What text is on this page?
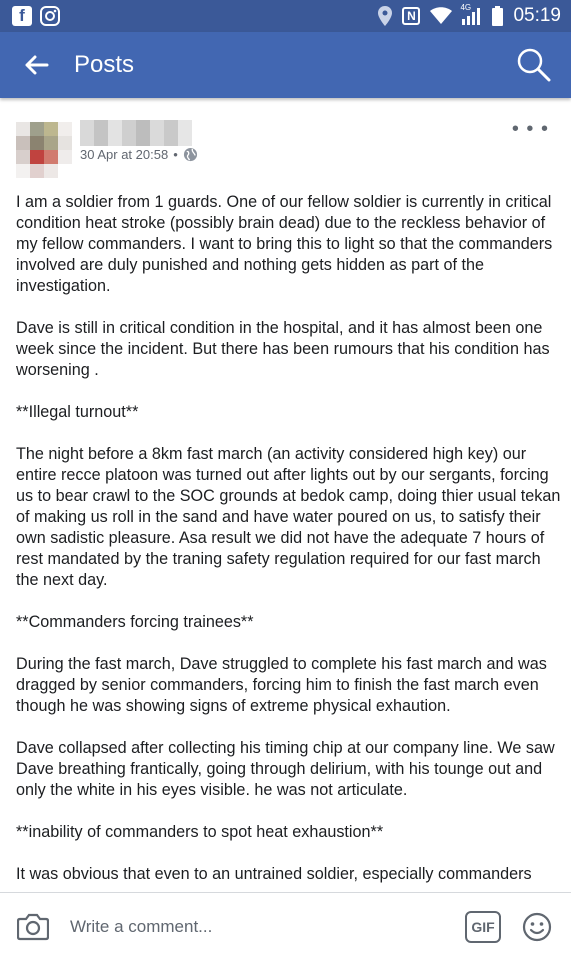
f	N
4G 05:19
Posts
30 Apr at 20:58 •
• • •

I am a soldier from 1 guards. One of our fellow soldier is currently in critical condition heat stroke (possibly brain dead) due to the reckless behavior of my fellow commanders. I want to bring this to light so that the commanders involved are duly punished and nothing gets hidden as part of the investigation.

Dave is still in critical condition in the hospital, and it has almost been one week since the incident. But there has been rumours that his condition has worsening .

**Illegal turnout**

The night before a 8km fast march (an activity considered high key) our entire recce platoon was turned out after lights out by our sergants, forcing us to bear crawl to the SOC grounds at bedok camp, doing thier usual tekan of making us roll in the sand and have water poured on us, to satisfy their own sadistic pleasure. Asa result we did not have the adequate 7 hours of rest mandated by the traning safety regulation required for our fast march the next day.

**Commanders forcing trainees**

During the fast march, Dave struggled to complete his fast march and was dragged by senior commanders, forcing him to finish the fast march even though he was showing signs of extreme physical exhaution.

Dave collapsed after collecting his timing chip at our company line. We saw Dave breathing frantically, going through delirium, with his tounge out and only the white in his eyes visible. he was not articulate.

**inability of commanders to spot heat exhaustion**

It was obvious that even to an untrained soldier, especially commanders

Write a comment...	GIF
